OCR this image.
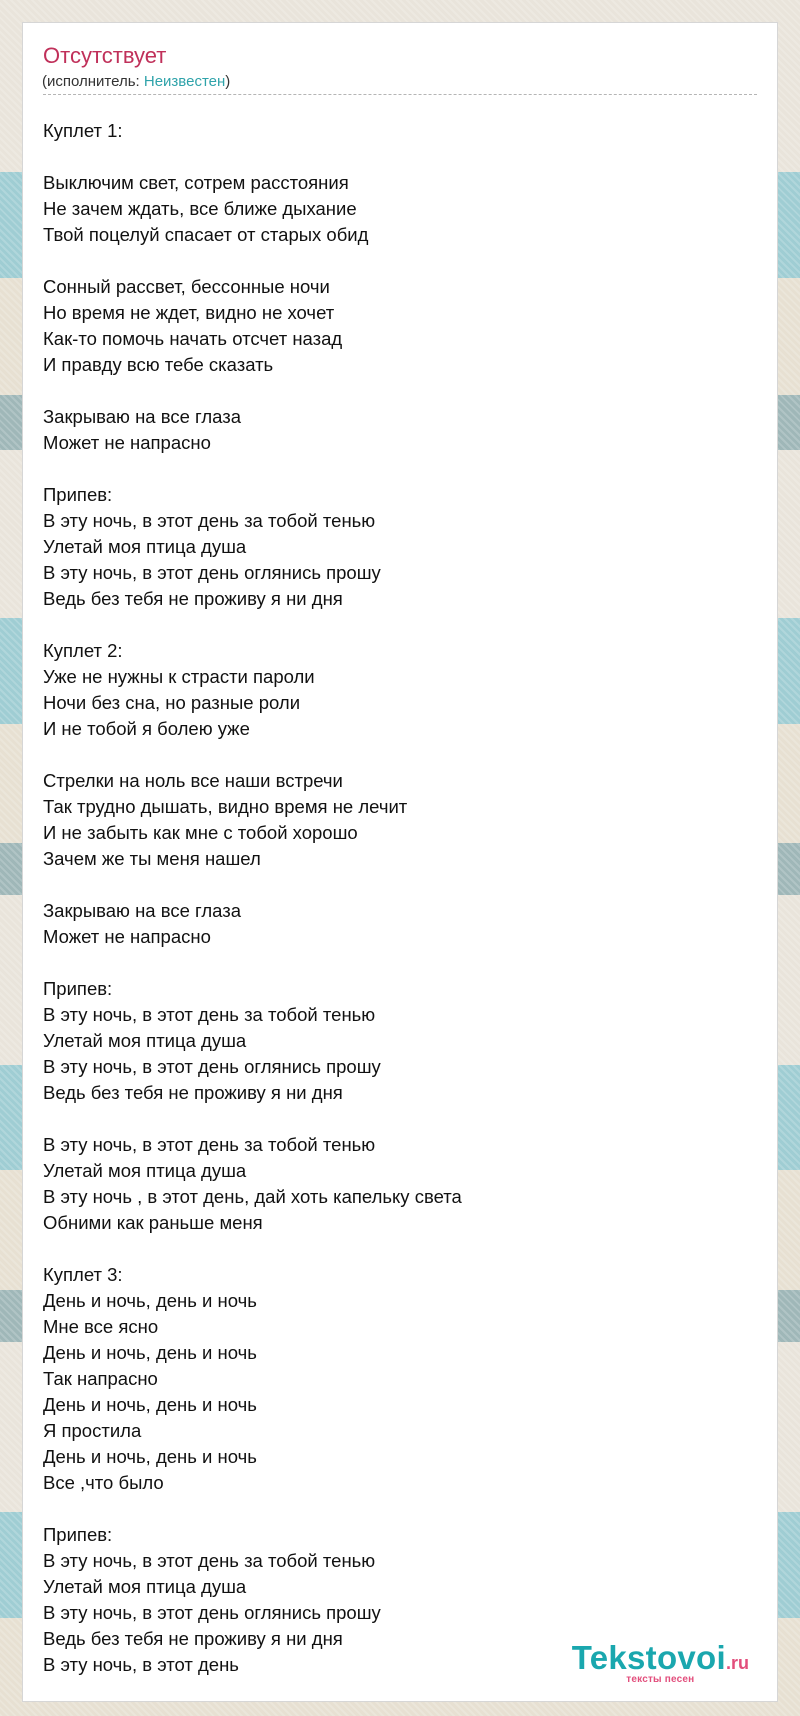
Отсутствует
(исполнитель: Неизвестен)
Куплет 1:
Выключим свет, сотрем расстояния
Не зачем ждать, все ближе дыхание
Твой поцелуй спасает от старых обид
Сонный рассвет, бессонные ночи
Но время не ждет, видно не хочет
Как-то помочь начать отсчет назад
И правду всю тебе сказать
Закрываю на все глаза
Может не напрасно
Припев:
В эту ночь, в этот день за тобой тенью
Улетай моя птица душа
В эту ночь, в этот день оглянись прошу
Ведь без тебя не проживу я ни дня
Куплет 2:
Уже не нужны к страсти пароли
Ночи без сна, но разные роли
И не тобой я болею уже
Стрелки на ноль все наши встречи
Так трудно дышать, видно время не лечит
И не забыть как мне с тобой хорошо
Зачем же ты меня нашел
Закрываю на все глаза
Может не напрасно
Припев:
В эту ночь, в этот день за тобой тенью
Улетай моя птица душа
В эту ночь, в этот день оглянись прошу
Ведь без тебя не проживу я ни дня
В эту ночь, в этот день за тобой тенью
Улетай моя птица душа
В эту ночь , в этот день, дай хоть капельку света
Обними как раньше меня
Куплет 3:
День и ночь, день и ночь
Мне все ясно
День и ночь, день и ночь
Так напрасно
День и ночь, день и ночь
Я простила
День и ночь, день и ночь
Все ,что было
Припев:
В эту ночь, в этот день за тобой тенью
Улетай моя птица душа
В эту ночь, в этот день оглянись прошу
Ведь без тебя не проживу я ни дня
В эту ночь, в этот день	Tekstovoi.ru
тексты песен
